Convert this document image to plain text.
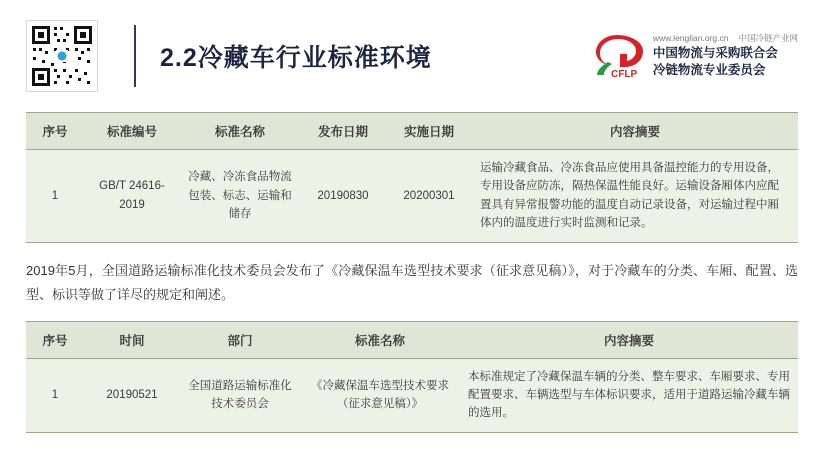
2.2冷藏车行业标准环境
CFLP
www.lenglian.org.cn 中国冷链产业网
中国物流与采购联合会
冷链物流专业委员会
序号	标准编号	标准名称	发布日期	实施日期	内容摘要
1	GB/T 24616-2019	冷藏、冷冻食品物流包装、标志、运输和储存	20190830	20200301	运输冷藏食品、冷冻食品应使用具备温控能力的专用设备，专用设备应防冻，隔热保温性能良好。运输设备厢体内应配置具有异常报警功能的温度自动记录设备，对运输过程中厢体内的温度进行实时监测和记录。
2019年5月，全国道路运输标准化技术委员会发布了《冷藏保温车选型技术要求（征求意见稿）》，对于冷藏车的分类、车厢、配置、选型、标识等做了详尽的规定和阐述。
序号	时间	部门	标准名称	内容摘要
1	20190521	全国道路运输标准化技术委员会	《冷藏保温车选型技术要求（征求意见稿）》	本标准规定了冷藏保温车辆的分类、整车要求、车厢要求、专用配置要求、车辆选型与车体标识要求，适用于道路运输冷藏车辆的选用。
